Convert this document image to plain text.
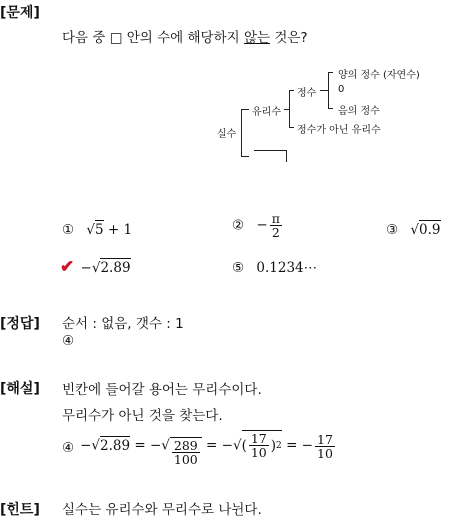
[문제]
다음 중 □ 안의 수에 해당하지 않는 것은?
실수
유리수
정수
양의 정수 (자연수)
0
음의 정수
정수가 아닌 유리수
① √5 + 1	② − $\frac{\pi}{2}$	③ √0.9
✔ −√2.89	⑤ 0.1234⋯
[정답] 순서 : 없음, 갯수 : 1
④
[해설] 빈칸에 들어갈 용어는 무리수이다.
무리수가 아닌 것을 찾는다.
④ −√2.89 = −√ $\frac{289}{100}$ = −√( $\frac{17}{10}$ ) 2 = − $\frac{17}{10}$
[힌트] 실수는 유리수와 무리수로 나뉜다.
